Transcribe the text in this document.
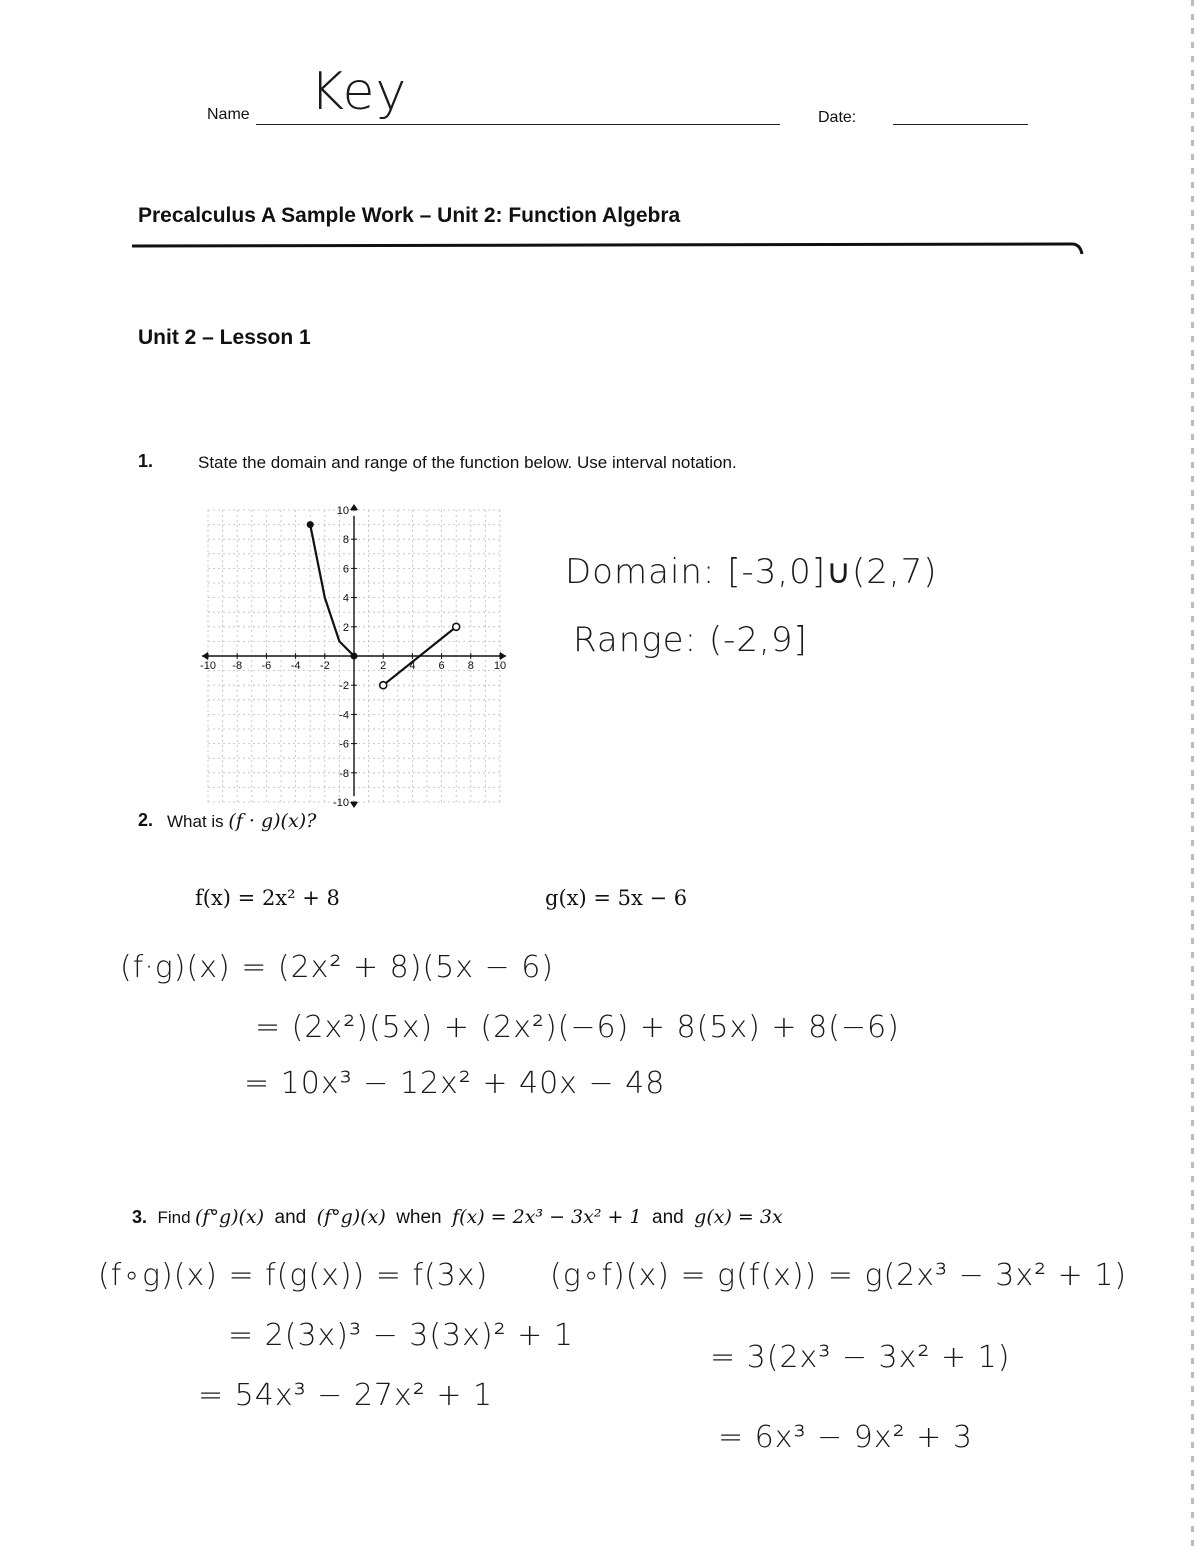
Name Key	Date:
Precalculus A Sample Work – Unit 2: Function Algebra
Unit 2 – Lesson 1
1.	State the domain and range of the function below. Use interval notation.
-10 -8 -6 -4 -2	2 4 6 8 10
10
8
6
4
2
-2
-4
-6
-8
-10
Domain: [-3,0]∪(2,7)
Range: (-2,9]
2. What is (f · g)(x)?
f(x) = 2x² + 8	g(x) = 5x − 6
(f·g)(x) = (2x² + 8)(5x − 6)
= (2x²)(5x) + (2x²)(−6) + 8(5x) + 8(−6)
= 10x³ − 12x² + 40x − 48
3. Find (f°g)(x) and (f°g)(x) when f(x) = 2x³ − 3x² + 1 and g(x) = 3x
(f∘g)(x) = f(g(x)) = f(3x)
= 2(3x)³ − 3(3x)² + 1
= 54x³ − 27x² + 1
(g∘f)(x) = g(f(x)) = g(2x³ − 3x² + 1)
= 3(2x³ − 3x² + 1)
= 6x³ − 9x² + 3
